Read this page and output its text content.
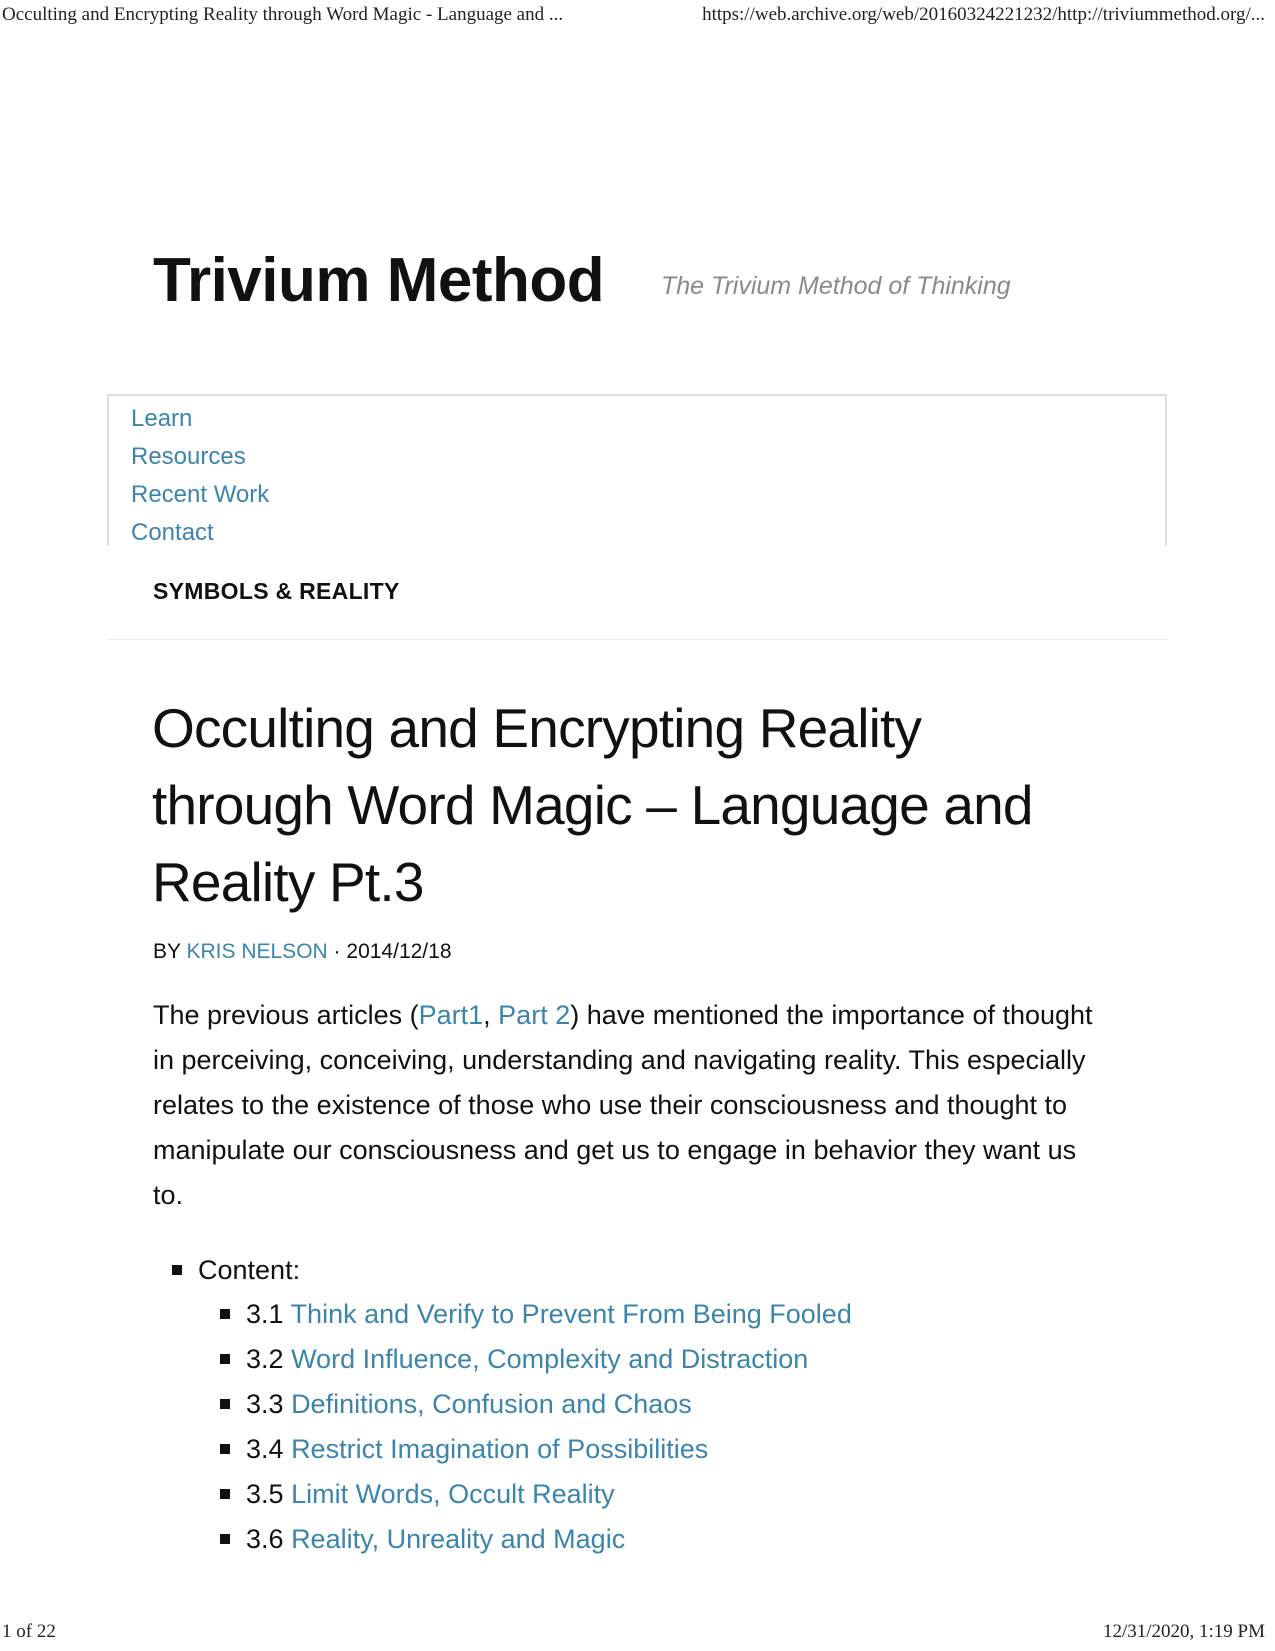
Occulting and Encrypting Reality through Word Magic - Language and ...	https://web.archive.org/web/20160324221232/http://triviummethod.org/...
Trivium Method The Trivium Method of Thinking
Learn
Resources
Recent Work
Contact
SYMBOLS & REALITY
Occulting and Encrypting Reality through Word Magic – Language and Reality Pt.3
BY KRIS NELSON · 2014/12/18

The previous articles (Part1, Part 2) have mentioned the importance of thought in perceiving, conceiving, understanding and navigating reality. This especially relates to the existence of those who use their consciousness and thought to manipulate our consciousness and get us to engage in behavior they want us to.

Content:
3.1 Think and Verify to Prevent From Being Fooled
3.2 Word Influence, Complexity and Distraction
3.3 Definitions, Confusion and Chaos
3.4 Restrict Imagination of Possibilities
3.5 Limit Words, Occult Reality
3.6 Reality, Unreality and Magic
1 of 22	12/31/2020, 1:19 PM
